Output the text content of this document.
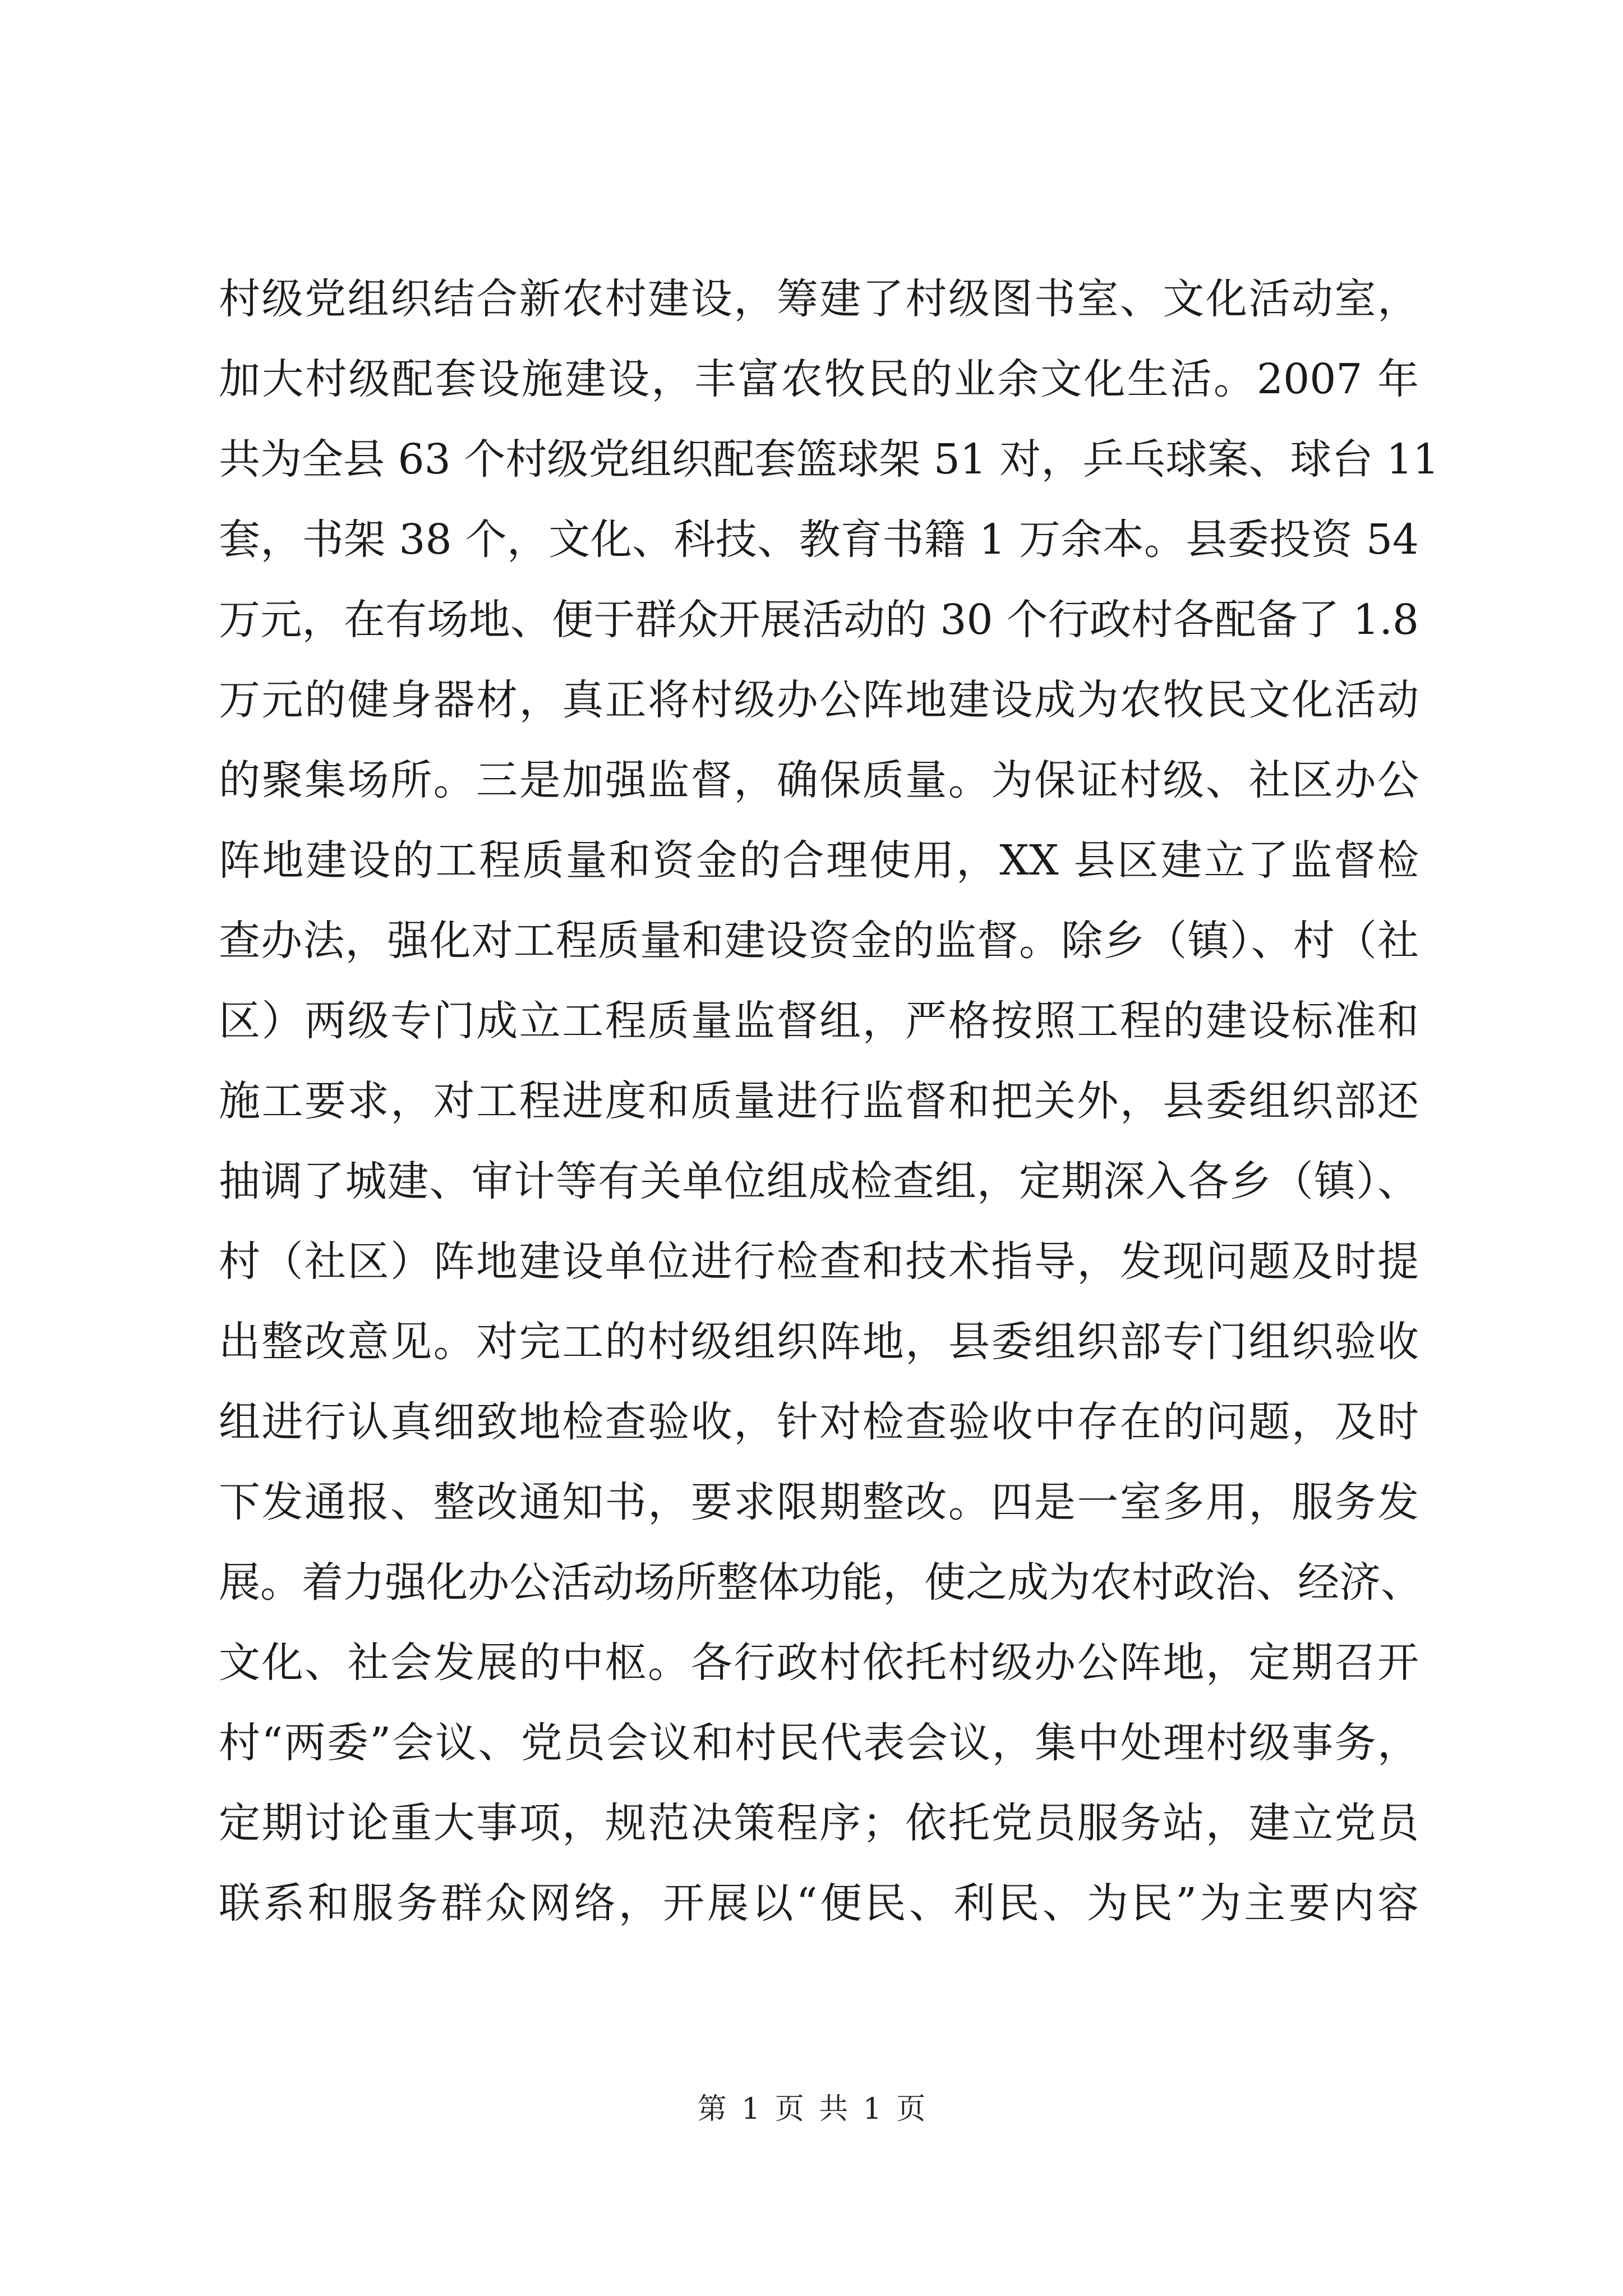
村级党组织结合新农村建设，筹建了村级图书室、文化活动室，
加大村级配套设施建设，丰富农牧民的业余文化生活。2007 年
共为全县 63 个村级党组织配套篮球架 51 对，乒乓球案、球台 11
套，书架 38 个，文化、科技、教育书籍 1 万余本。县委投资 54
万元，在有场地、便于群众开展活动的 30 个行政村各配备了 1.8
万元的健身器材，真正将村级办公阵地建设成为农牧民文化活动
的聚集场所。三是加强监督，确保质量。为保证村级、社区办公
阵地建设的工程质量和资金的合理使用，XX 县区建立了监督检
查办法，强化对工程质量和建设资金的监督。除乡（镇）、村（社
区）两级专门成立工程质量监督组，严格按照工程的建设标准和
施工要求，对工程进度和质量进行监督和把关外，县委组织部还
抽调了城建、审计等有关单位组成检查组，定期深入各乡（镇）、
村（社区）阵地建设单位进行检查和技术指导，发现问题及时提
出整改意见。对完工的村级组织阵地，县委组织部专门组织验收
组进行认真细致地检查验收，针对检查验收中存在的问题，及时
下发通报、整改通知书，要求限期整改。四是一室多用，服务发
展。着力强化办公活动场所整体功能，使之成为农村政治、经济、
文化、社会发展的中枢。各行政村依托村级办公阵地，定期召开
村“两委”会议、党员会议和村民代表会议，集中处理村级事务，
定期讨论重大事项，规范决策程序；依托党员服务站，建立党员
联系和服务群众网络，开展以“便民、利民、为民”为主要内容
第 1 页 共 1 页
